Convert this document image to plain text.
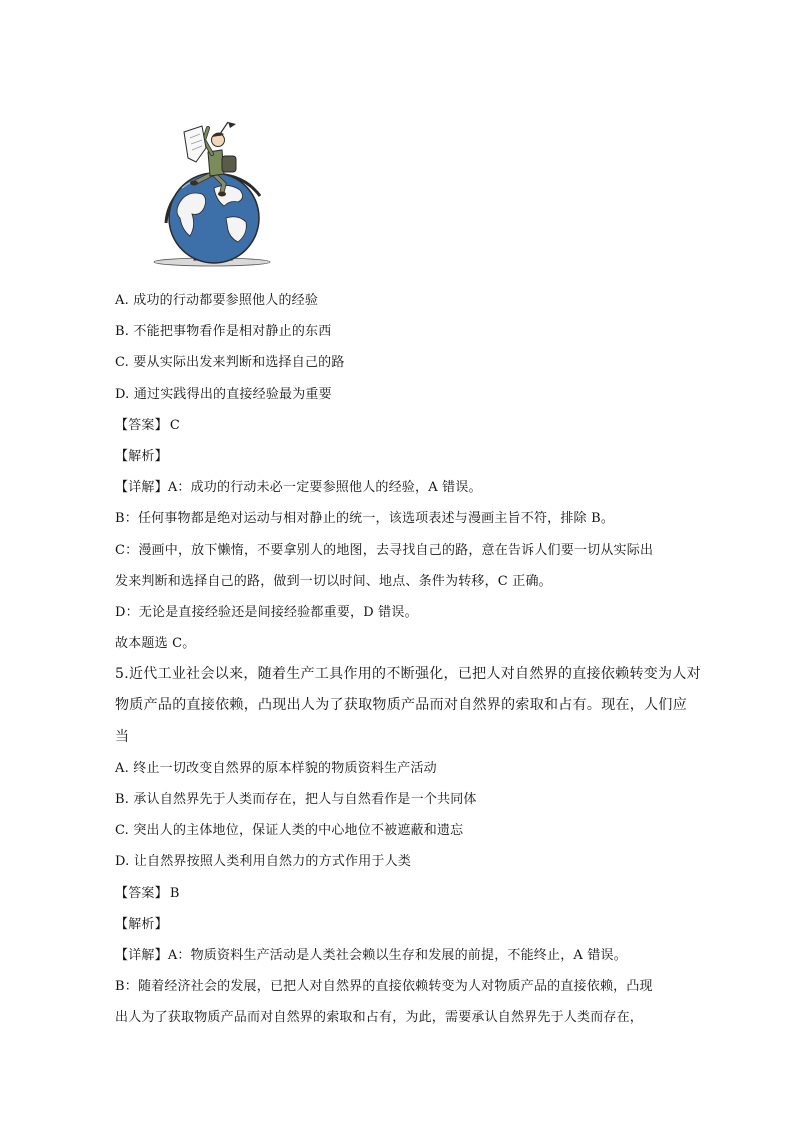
A. 成功的行动都要参照他人的经验
B. 不能把事物看作是相对静止的东西
C. 要从实际出发来判断和选择自己的路
D. 通过实践得出的直接经验最为重要
【答案】 C
【解析】
【详解】A：成功的行动未必一定要参照他人的经验，A 错误。
B：任何事物都是绝对运动与相对静止的统一，该选项表述与漫画主旨不符，排除 B。
C：漫画中，放下懒惰，不要拿别人的地图，去寻找自己的路，意在告诉人们要一切从实际出
发来判断和选择自己的路，做到一切以时间、地点、条件为转移，C 正确。
D：无论是直接经验还是间接经验都重要，D 错误。
故本题选 C。
5.近代工业社会以来，随着生产工具作用的不断强化，已把人对自然界的直接依赖转变为人对
物质产品的直接依赖，凸现出人为了获取物质产品而对自然界的索取和占有。现在，人们应
当
A. 终止一切改变自然界的原本样貌的物质资料生产活动
B. 承认自然界先于人类而存在，把人与自然看作是一个共同体
C. 突出人的主体地位，保证人类的中心地位不被遮蔽和遗忘
D. 让自然界按照人类利用自然力的方式作用于人类
【答案】 B
【解析】
【详解】A：物质资料生产活动是人类社会赖以生存和发展的前提，不能终止，A 错误。
B：随着经济社会的发展，已把人对自然界的直接依赖转变为人对物质产品的直接依赖，凸现
出人为了获取物质产品而对自然界的索取和占有，为此，需要承认自然界先于人类而存在，
